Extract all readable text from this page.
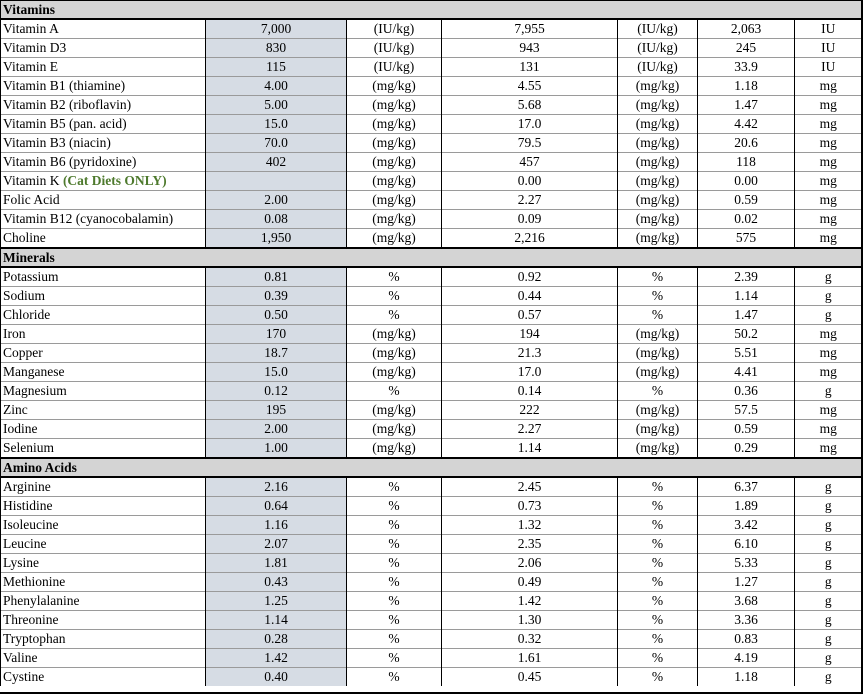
Vitamins						
Vitamin A	7,000	(IU/kg)	7,955	(IU/kg)	2,063	IU
Vitamin D3	830	(IU/kg)	943	(IU/kg)	245	IU
Vitamin E	115	(IU/kg)	131	(IU/kg)	33.9	IU
Vitamin B1 (thiamine)	4.00	(mg/kg)	4.55	(mg/kg)	1.18	mg
Vitamin B2 (riboflavin)	5.00	(mg/kg)	5.68	(mg/kg)	1.47	mg
Vitamin B5 (pan. acid)	15.0	(mg/kg)	17.0	(mg/kg)	4.42	mg
Vitamin B3 (niacin)	70.0	(mg/kg)	79.5	(mg/kg)	20.6	mg
Vitamin B6 (pyridoxine)	402	(mg/kg)	457	(mg/kg)	118	mg
Vitamin K (Cat Diets ONLY)		(mg/kg)	0.00	(mg/kg)	0.00	mg
Folic Acid	2.00	(mg/kg)	2.27	(mg/kg)	0.59	mg
Vitamin B12 (cyanocobalamin)	0.08	(mg/kg)	0.09	(mg/kg)	0.02	mg
Choline	1,950	(mg/kg)	2,216	(mg/kg)	575	mg
Minerals						
Potassium	0.81	%	0.92	%	2.39	g
Sodium	0.39	%	0.44	%	1.14	g
Chloride	0.50	%	0.57	%	1.47	g
Iron	170	(mg/kg)	194	(mg/kg)	50.2	mg
Copper	18.7	(mg/kg)	21.3	(mg/kg)	5.51	mg
Manganese	15.0	(mg/kg)	17.0	(mg/kg)	4.41	mg
Magnesium	0.12	%	0.14	%	0.36	g
Zinc	195	(mg/kg)	222	(mg/kg)	57.5	mg
Iodine	2.00	(mg/kg)	2.27	(mg/kg)	0.59	mg
Selenium	1.00	(mg/kg)	1.14	(mg/kg)	0.29	mg
Amino Acids						
Arginine	2.16	%	2.45	%	6.37	g
Histidine	0.64	%	0.73	%	1.89	g
Isoleucine	1.16	%	1.32	%	3.42	g
Leucine	2.07	%	2.35	%	6.10	g
Lysine	1.81	%	2.06	%	5.33	g
Methionine	0.43	%	0.49	%	1.27	g
Phenylalanine	1.25	%	1.42	%	3.68	g
Threonine	1.14	%	1.30	%	3.36	g
Tryptophan	0.28	%	0.32	%	0.83	g
Valine	1.42	%	1.61	%	4.19	g
Cystine	0.40	%	0.45	%	1.18	g
